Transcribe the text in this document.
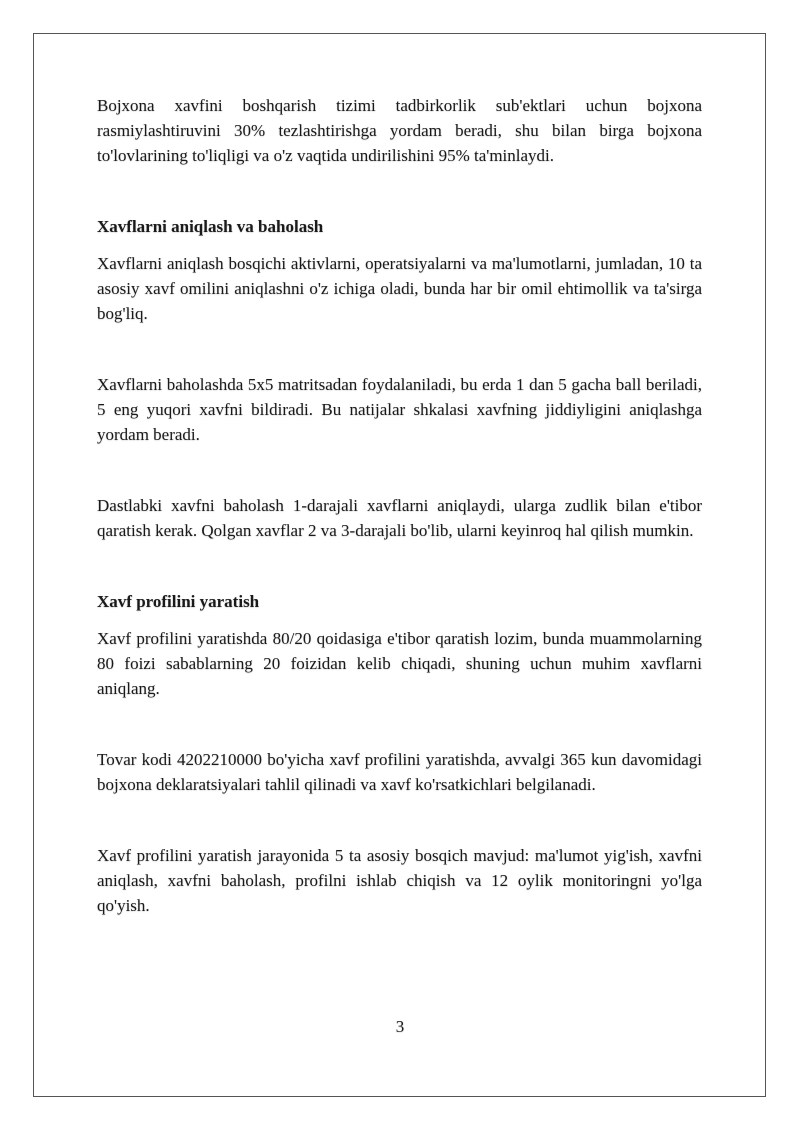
Bojxona xavfini boshqarish tizimi tadbirkorlik sub'ektlari uchun bojxona rasmiylashtiruvini 30% tezlashtirishga yordam beradi, shu bilan birga bojxona to'lovlarining to'liqligi va o'z vaqtida undirilishini 95% ta'minlaydi.

Xavflarni aniqlash va baholash

Xavflarni aniqlash bosqichi aktivlarni, operatsiyalarni va ma'lumotlarni, jumladan, 10 ta asosiy xavf omilini aniqlashni o'z ichiga oladi, bunda har bir omil ehtimollik va ta'sirga bog'liq.

Xavflarni baholashda 5x5 matritsadan foydalaniladi, bu erda 1 dan 5 gacha ball beriladi, 5 eng yuqori xavfni bildiradi. Bu natijalar shkalasi xavfning jiddiyligini aniqlashga yordam beradi.

Dastlabki xavfni baholash 1-darajali xavflarni aniqlaydi, ularga zudlik bilan e'tibor qaratish kerak. Qolgan xavflar 2 va 3-darajali bo'lib, ularni keyinroq hal qilish mumkin.

Xavf profilini yaratish

Xavf profilini yaratishda 80/20 qoidasiga e'tibor qaratish lozim, bunda muammolarning 80 foizi sabablarning 20 foizidan kelib chiqadi, shuning uchun muhim xavflarni aniqlang.

Tovar kodi 4202210000 bo'yicha xavf profilini yaratishda, avvalgi 365 kun davomidagi bojxona deklaratsiyalari tahlil qilinadi va xavf ko'rsatkichlari belgilanadi.

Xavf profilini yaratish jarayonida 5 ta asosiy bosqich mavjud: ma'lumot yig'ish, xavfni aniqlash, xavfni baholash, profilni ishlab chiqish va 12 oylik monitoringni yo'lga qo'yish.

3
